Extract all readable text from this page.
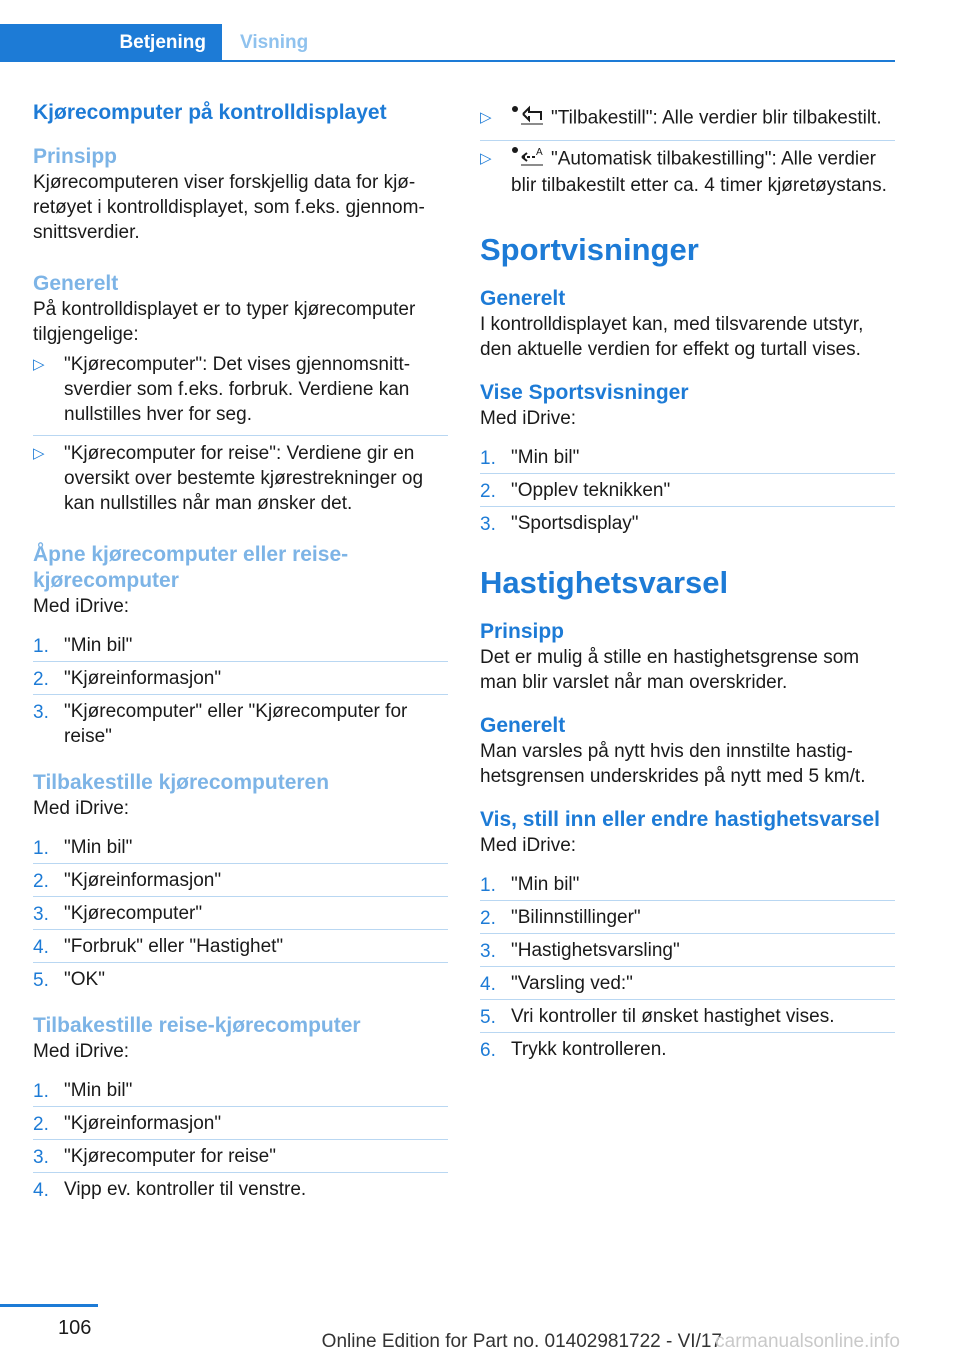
Betjening	Visning
Kjørecomputer på kontrolldisplayet
Prinsipp

Kjørecomputeren viser forskjellig data for kjøretøyet i kontrolldisplayet, som f.eks. gjennomsnittsverdier.

Generelt

På kontrolldisplayet er to typer kjørecomputer tilgjengelige:

▷ "Kjørecomputer": Det vises gjennomsnittsverdier som f.eks. forbruk. Verdiene kan nullstilles hver for seg.
▷ "Kjørecomputer for reise": Verdiene gir en oversikt over bestemte kjørestrekninger og kan nullstilles når man ønsker det.
Åpne kjørecomputer eller reisekjørecomputer

Med iDrive:

1. "Min bil"
2. "Kjøreinformasjon"
3. "Kjørecomputer" eller "Kjørecomputer for reise"
Tilbakestille kjørecomputeren

Med iDrive:

1. "Min bil"
2. "Kjøreinformasjon"
3. "Kjørecomputer"
4. "Forbruk" eller "Hastighet"
5. "OK"
Tilbakestille reise-kjørecomputer

Med iDrive:

1. "Min bil"
2. "Kjøreinformasjon"
3. "Kjørecomputer for reise"
4. Vipp ev. kontroller til venstre.
▷	"Tilbakestill": Alle verdier blir tilbakestilt.
▷	A "Automatisk tilbakestilling": Alle verdier blir tilbakestilt etter ca. 4 timer kjøretøystans.
Sportvisninger
Generelt

I kontrolldisplayet kan, med tilsvarende utstyr, den aktuelle verdien for effekt og turtall vises.

Vise Sportsvisninger

Med iDrive:

1. "Min bil"
2. "Opplev teknikken"
3. "Sportsdisplay"
Hastighetsvarsel
Prinsipp

Det er mulig å stille en hastighetsgrense som man blir varslet når man overskrider.

Generelt

Man varsles på nytt hvis den innstilte hastighetsgrensen underskrides på nytt med 5 km/t.

Vis, still inn eller endre hastighetsvarsel

Med iDrive:

1. "Min bil"
2. "Bilinnstillinger"
3. "Hastighetsvarsling"
4. "Varsling ved:"
5. Vri kontroller til ønsket hastighet vises.
6. Trykk kontrolleren.
106
Online Edition for Part no. 01402981722 - VI/17
carmanualsonline.info
